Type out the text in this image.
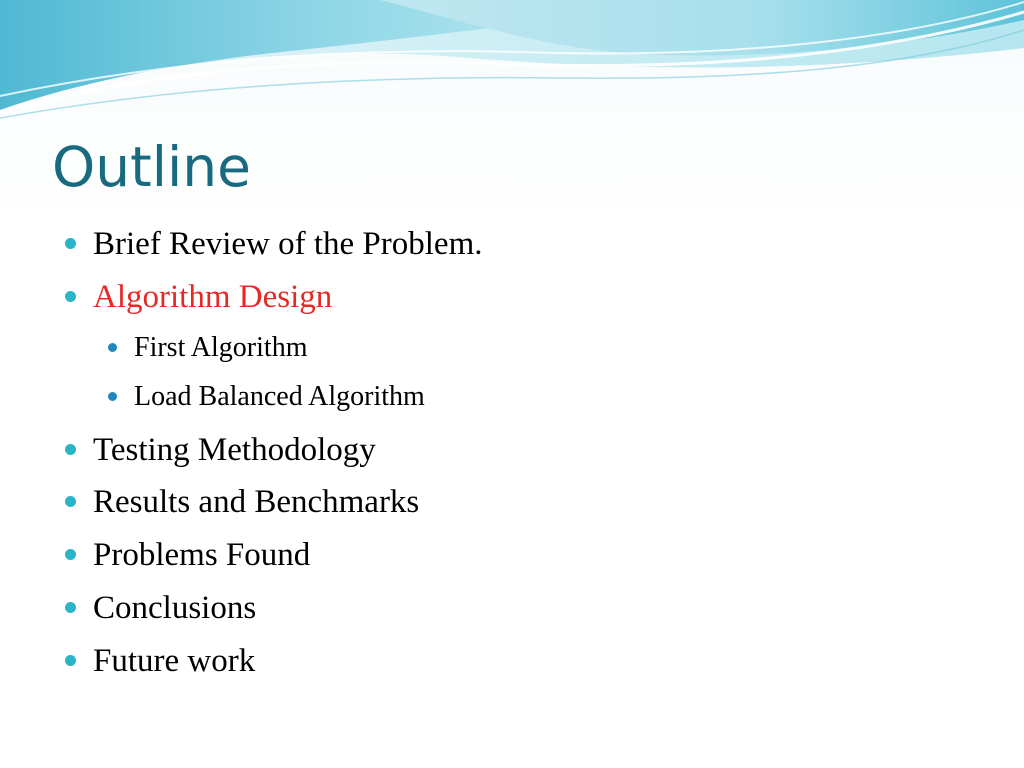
Outline
Brief Review of the Problem.
Algorithm Design
First Algorithm
Load Balanced Algorithm
Testing Methodology
Results and Benchmarks
Problems Found
Conclusions
Future work
